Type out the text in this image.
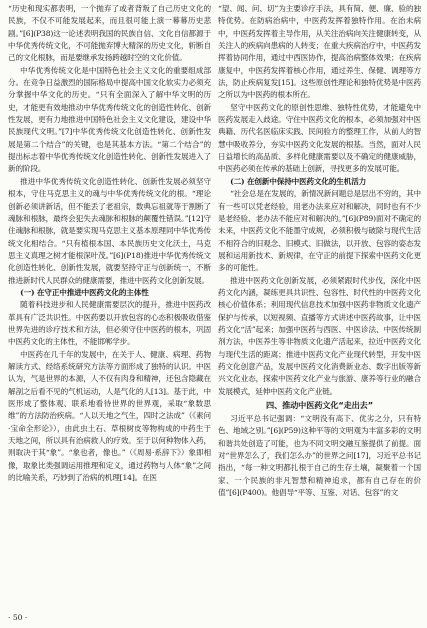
“历史和现实都表明，一个抛弃了或者背叛了自己历史文化的民族，不仅不可能发展起来，而且很可能上演一幕幕历史悲剧。”[6](P38)这一论述表明我国的民族自信、文化自信都源于中华优秀传统文化，不可能抛弃博大精深的历史文化，斩断自己的文化根脉，而是要继承发扬跨越时空的文化价值。

中华优秀传统文化是中国特色社会主义文化的重要组成部分。在竞争日益激烈的国际格局中提高中国文化软实力必须充分掌握中华文化的历史。“只有全面深入了解中华文明的历史，才能更有效地推动中华优秀传统文化的创造性转化、创新性发展，更有力地推进中国特色社会主义文化建设，建设中华民族现代文明。”[7]中华优秀传统文化创造性转化、创新性发展是第二个结合”的关键，也是其基本方法。“第二个结合”的提出标志着中华优秀传统文化创造性转化、创新性发展进入了新的阶段。

推进中华优秀传统文化创造性转化、创新性发展必须坚守根本，守住马克思主义的魂与中华优秀传统文化的根。“理论创新必须讲新话，但不能丢了老祖宗，数典忘祖就等于割断了魂脉和根脉，最终会犯失去魂脉和根脉的颠覆性错误。”[12]守住魂脉和根脉，就是要实现马克思主义基本原理同中华优秀传统文化相结合。“只有植根本国、本民族历史文化沃土，马克思主义真理之树才能根深叶茂。”[6](P18)推进中华优秀传统文化创造性转化、创新性发展，就要坚持守正与创新统一，不断推进新时代人民群众的健康需要，推进中医药文化创新发展。

(一) 在守正中推进中医药文化的主体性

随着科技进步和人民健康需要层次的提升，推进中医药改革具有广泛共识性。中医药要以开放包容的心态积极吸收借鉴世界先进的诊疗技术和方法，但必须守住中医药的根本，巩固中医药文化的主体性，不能邯郸学步。

中医药在几千年的发展中，在关于人、健康、病理、药物解读方式、经络系统研究方法等方面形成了独特的认识。中医认为，气是世界的本源，人不仅有肉身和精神，还包含隐藏在解剖之后看不见的气机运动，人是气化的人[13]。基于此，中医形成了整体观、联系地看待世界的世界观，采取“象数思维”的方法防治疾病。“人以天地之气生，四时之法成”（《素问·宝命全形论》），由此虫土石、草根树皮等物构成的中药生于天地之间，所以具有治病救人的疗效。至于以何种物体入药，则取决于其“象”。“象也者，像也。”（《周易·系辞下》）象即相像，取象比类强调运用推理和定义，通过药物与人体“象”之间的比喻关系，巧妙到了治病的机理[14]。在医

“望、闻、问、切”为主要诊疗手法，具有简、便、廉、验的独特优势。在防病治病中，中医药发挥着独特作用。在治未病中，中医药发挥着主导作用，从关注治病向关注健康转变，从关注人的疾病向患病的人转变；在重大疾病治疗中，中医药发挥着协同作用，通过中西医协作，提高治病整体效果；在疾病康复中，中医药发挥着核心作用，通过养生、保健、调理等方法，防止疾病复发[15]。这些原创性理论和独特优势是中医药之所以为中医药的根本所在。

坚守中医药文化的原创性思维、独特性优势，才能避免中医药发展走入歧途。守住中医药文化的根本，必须加强对中医典籍、历代名医临床实践、民间验方的整理工作，从前人的智慧中吸收养分，夯实中医药文化发展的根基。当然，面对人民日益增长的高品质、多样化健康需要以及不确定的健康威胁，中医药必须在传承的基础上创新，寻找更多的发展可能。

(二) 在创新中保持中医药文化的生机活力

“社会总是在发展的，新情况新问题总是层出不穷的，其中有一些可以凭老经验，用老办法来应对和解决，同时也有不少是老经验、老办法不能应对和解决的。”[6](P89)面对不确定的未来，中医药文化不能墨守成规，必须积极与破除与现代生活不相符合的旧观念、旧模式、旧做法，以开放、包容的姿态发展和运用新技术、新规律，在守正的前提下探索中医药文化更多的可能性。

推进中医药文化创新发展，必须紧跟时代步伐，深化中医药文化内涵，凝练更具共识性、包容性、时代性的中医药文化核心价值体系；利用现代信息技术加强中医药非物质文化遗产保护与传承，以短视频、直播等方式讲述中医药故事，让中医药文化“活”起来；加强中医药与西医、中医诊法、中医传统制剂方法，中医养生等非物质文化遗产活起来，拉近中医药文化与现代生活的距离；推进中医药文化产业现代转型，开发中医药文化创意产品，发展中医药文化消费新业态、数字出版等新兴文化业态，探索中医药文化产业与旅游、康养等行业的融合发展模式，延伸中医药文化产业链。

四、推动中医药文化“走出去”

习近平总书记强调：“文明没有高下、优劣之分，只有特色、地域之别。”[6](P59)这种平等的文明观为丰富多彩的文明和谐共处创造了可能，也为不同文明交融互鉴提供了前提。面对“世界怎么了，我们怎么办”的世界之问[17]，习近平总书记指出，“每一种文明都扎根于自己的生存土壤，凝聚着一个国家、一个民族的非凡智慧和精神追求，都有自己存在的价值”[6](P400)。他倡导“平等、互鉴、对话、包容”的文

· 50 ·
